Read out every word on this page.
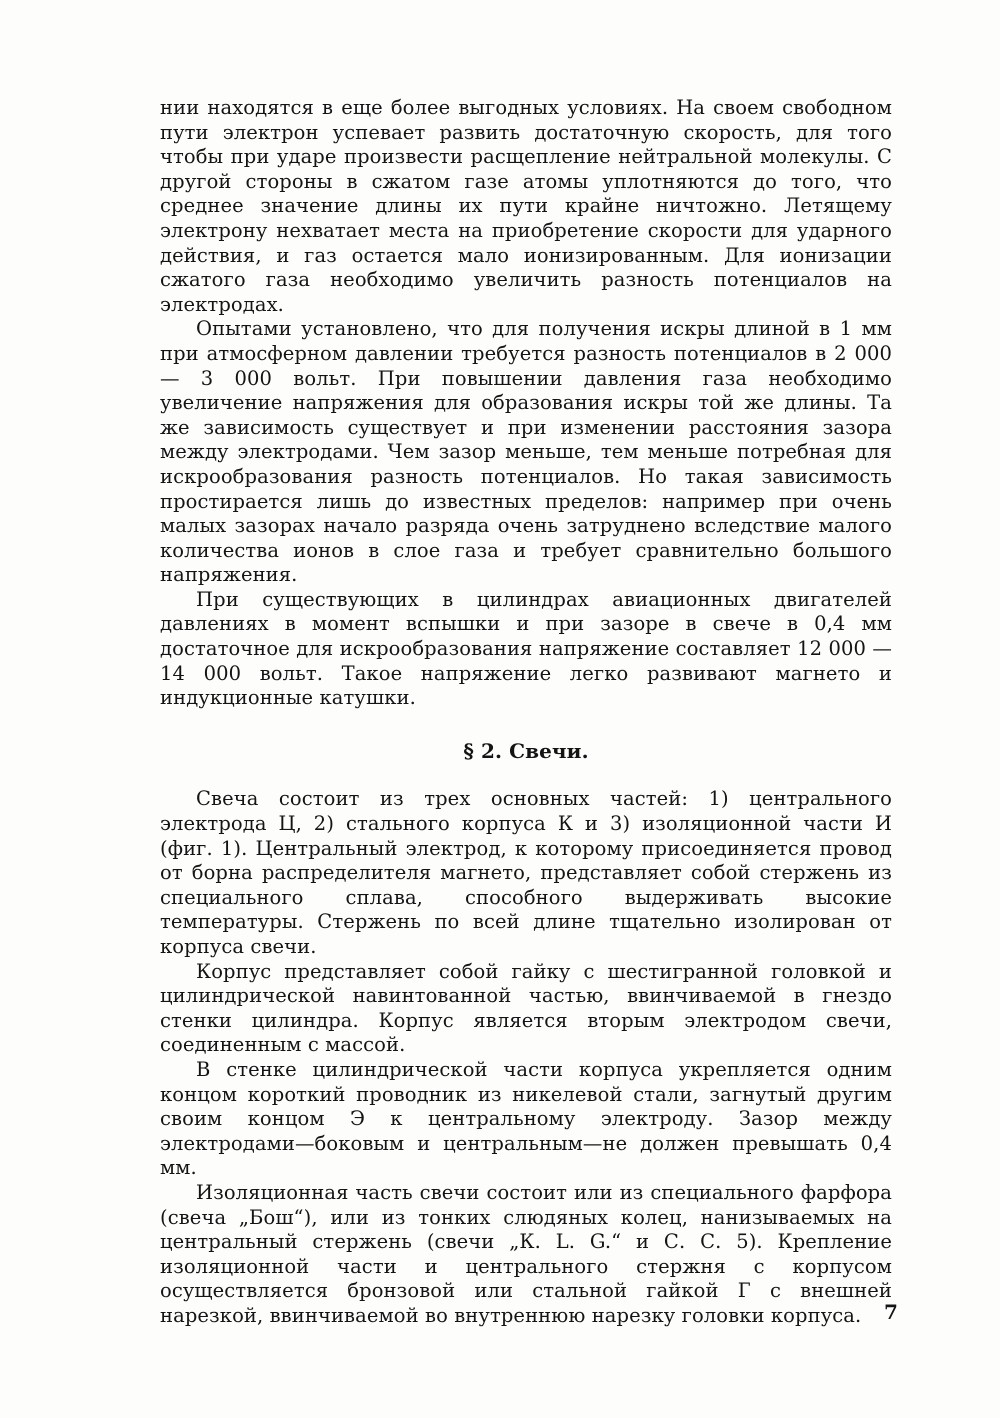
нии находятся в еще более выгодных условиях. На своем свободном пути электрон успевает развить достаточную скорость, для того чтобы при ударе произвести расщепление нейтральной молекулы. С другой стороны в сжатом газе атомы уплотняются до того, что среднее значение длины их пути крайне ничтожно. Летящему электрону нехватает места на приобретение скорости для ударного действия, и газ остается мало ионизированным. Для ионизации сжатого газа необходимо увеличить разность потенциалов на электродах.

Опытами установлено, что для получения искры длиной в 1 мм при атмосферном давлении требуется разность потенциалов в 2 000 — 3 000 вольт. При повышении давления газа необходимо увеличение напряжения для образования искры той же длины. Та же зависимость существует и при изменении расстояния зазора между электродами. Чем зазор меньше, тем меньше потребная для искрообразования разность потенциалов. Но такая зависимость простирается лишь до известных пределов: например при очень малых зазорах начало разряда очень затруднено вследствие малого количества ионов в слое газа и требует сравнительно большого напряжения.

При существующих в цилиндрах авиационных двигателей давлениях в момент вспышки и при зазоре в свече в 0,4 мм достаточное для искрообразования напряжение составляет 12 000 — 14 000 вольт. Такое напряжение легко развивают магнето и индукционные катушки.

§ 2. Свечи.

Свеча состоит из трех основных частей: 1) центрального электрода Ц, 2) стального корпуса К и 3) изоляционной части И (фиг. 1). Центральный электрод, к которому присоединяется провод от борна распределителя магнето, представляет собой стержень из специального сплава, способного выдерживать высокие температуры. Стержень по всей длине тщательно изолирован от корпуса свечи.

Корпус представляет собой гайку с шестигранной головкой и цилиндрической навинтованной частью, ввинчиваемой в гнездо стенки цилиндра. Корпус является вторым электродом свечи, соединенным с массой.

В стенке цилиндрической части корпуса укрепляется одним концом короткий проводник из никелевой стали, загнутый другим своим концом Э к центральному электроду. Зазор между электродами—боковым и центральным—не должен превышать 0,4 мм.

Изоляционная часть свечи состоит или из специального фарфора (свеча „Бош“), или из тонких слюдяных колец, нанизываемых на центральный стержень (свечи „К. L. G.“ и С. С. 5). Крепление изоляционной части и центрального стержня с корпусом осуществляется бронзовой или стальной гайкой Г с внешней нарезкой, ввинчиваемой во внутреннюю нарезку головки корпуса.	7
